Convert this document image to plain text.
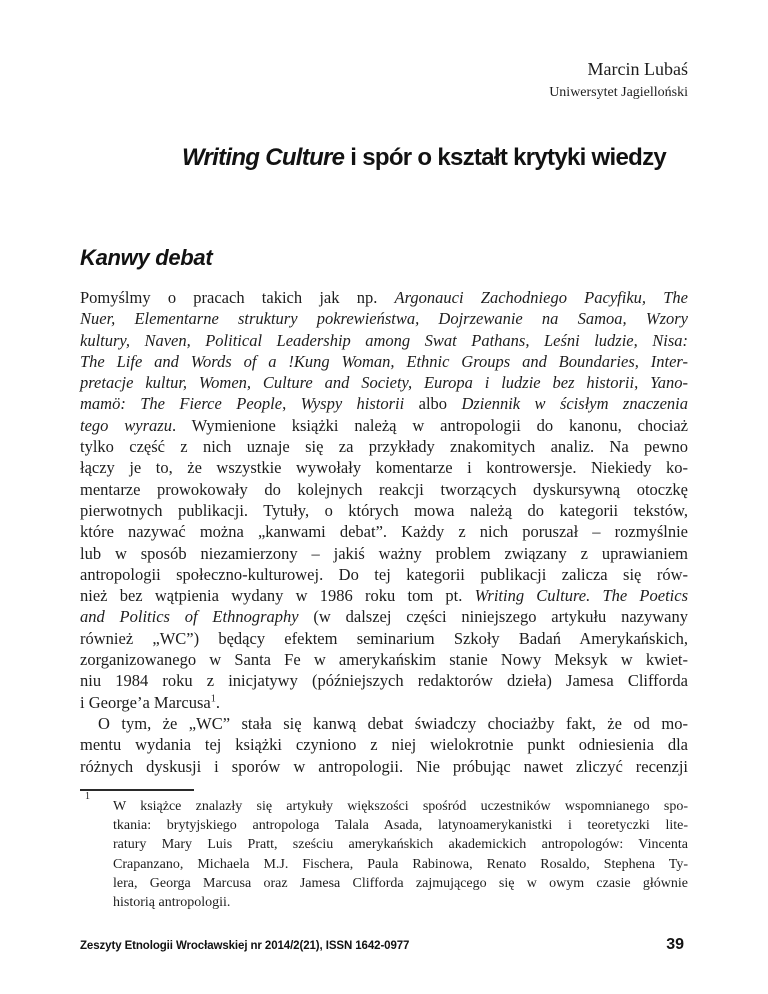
Marcin Lubaś
Uniwersytet Jagielloński
Writing Culture i spór o kształt krytyki wiedzy
Kanwy debat
Pomyślmy o pracach takich jak np. Argonauci Zachodniego Pacyfiku, The
Nuer, Elementarne struktury pokrewieństwa, Dojrzewanie na Samoa, Wzory
kultury, Naven, Political Leadership among Swat Pathans, Leśni ludzie, Nisa:
The Life and Words of a !Kung Woman, Ethnic Groups and Boundaries, Inter-
pretacje kultur, Women, Culture and Society, Europa i ludzie bez historii, Yano-
mamö: The Fierce People, Wyspy historii albo Dziennik w ścisłym znaczenia
tego wyrazu. Wymienione książki należą w antropologii do kanonu, chociaż
tylko część z nich uznaje się za przykłady znakomitych analiz. Na pewno
łączy je to, że wszystkie wywołały komentarze i kontrowersje. Niekiedy ko-
mentarze prowokowały do kolejnych reakcji tworzących dyskursywną otoczkę
pierwotnych publikacji. Tytuły, o których mowa należą do kategorii tekstów,
które nazywać można „kanwami debat”. Każdy z nich poruszał – rozmyślnie
lub w sposób niezamierzony – jakiś ważny problem związany z uprawianiem
antropologii społeczno-kulturowej. Do tej kategorii publikacji zalicza się rów-
nież bez wątpienia wydany w 1986 roku tom pt. Writing Culture. The Poetics
and Politics of Ethnography (w dalszej części niniejszego artykułu nazywany
również „WC”) będący efektem seminarium Szkoły Badań Amerykańskich,
zorganizowanego w Santa Fe w amerykańskim stanie Nowy Meksyk w kwiet-
niu 1984 roku z inicjatywy (późniejszych redaktorów dzieła) Jamesa Clifforda
i George’a Marcusa$^1$.
O tym, że „WC” stała się kanwą debat świadczy chociażby fakt, że od mo-
mentu wydania tej książki czyniono z niej wielokrotnie punkt odniesienia dla
różnych dyskusji i sporów w antropologii. Nie próbując nawet zliczyć recenzji
1
W książce znalazły się artykuły większości spośród uczestników wspomnianego spo-
tkania: brytyjskiego antropologa Talala Asada, latynoamerykanistki i teoretyczki lite-
ratury Mary Luis Pratt, sześciu amerykańskich akademickich antropologów: Vincenta
Crapanzano, Michaela M.J. Fischera, Paula Rabinowa, Renato Rosaldo, Stephena Ty-
lera, Georga Marcusa oraz Jamesa Clifforda zajmującego się w owym czasie głównie
historią antropologii.
Zeszyty Etnologii Wrocławskiej nr 2014/2(21), ISSN 1642-0977	39
